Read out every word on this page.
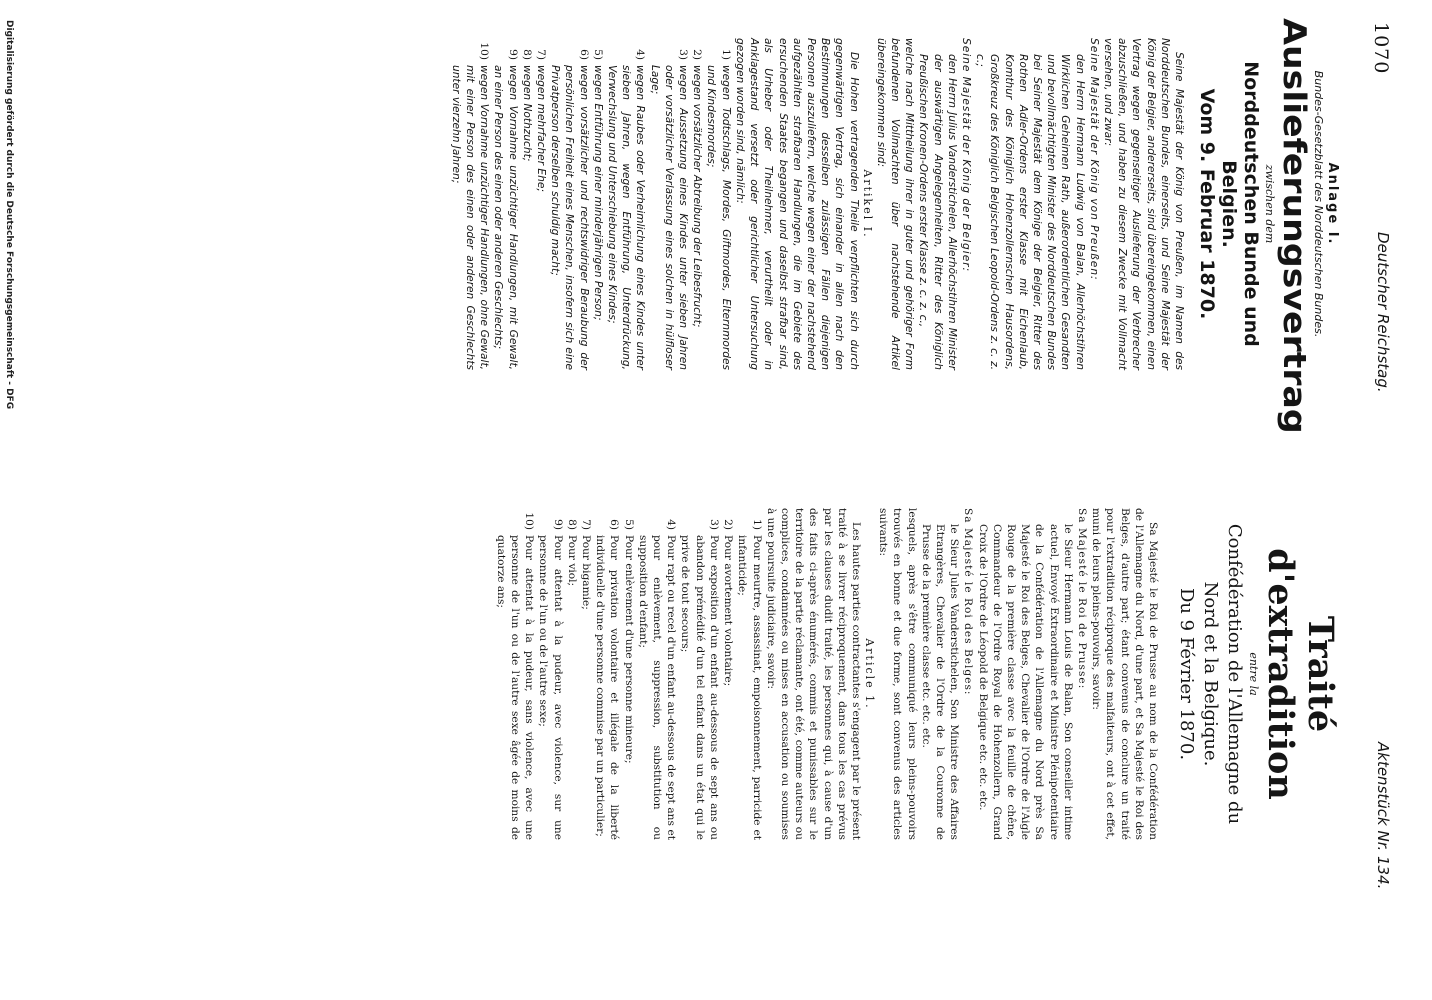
1070
Deutscher Reichstag.
Aktenstück Nr. 134.
Anlage I.
Bundes-Gesetzblatt des Norddeutschen Bundes.
Auslieferungsvertrag
zwischen dem
Norddeutschen Bunde und Belgien.
Vom 9. Februar 1870.
Seine Majestät der König von Preußen, im Namen des Norddeutschen Bundes, einerseits, und Seine Majestät der König der Belgier, andererseits, sind übereingekommen, einen Vertrag wegen gegenseitiger Auslieferung der Verbrecher abzuschließen, und haben zu diesem Zwecke mit Vollmacht versehen, und zwar:
Seine Majestät der König von Preußen:
den Herrn Hermann Ludwig von Balan, Allerhöchstihren Wirklichen Geheimen Rath, außerordentlichen Gesandten und bevollmächtigten Minister des Norddeutschen Bundes bei Seiner Majestät dem Könige der Belgier, Ritter des Rothen Adler-Ordens erster Klasse mit Eichenlaub, Komthur des Königlich Hohenzollernschen Hausordens, Großkreuz des Königlich Belgischen Leopold-Ordens z. c. z. c.;
Seine Majestät der König der Belgier:
den Herrn Julius Vanderstichelen, Allerhöchstihren Minister der auswärtigen Angelegenheiten, Ritter des Königlich Preußischen Kronen-Ordens erster Klasse z. c. z. c.,
welche nach Mittheilung ihrer in guter und gehöriger Form befundenen Vollmachten über nachstehende Artikel übereingekommen sind:
Artikel I.
Die Hohen vertragenden Theile verpflichten sich durch gegenwärtigen Vertrag, sich einander in allen nach den Bestimmungen desselben zulässigen Fällen diejenigen Personen auszuliefern, welche wegen einer der nachstehend aufgezählten strafbaren Handlungen, die im Gebiete des ersuchenden Staates begangen und daselbst strafbar sind, als Urheber oder Theilnehmer, verurtheilt oder in Anklagestand versetzt oder gerichtlicher Untersuchung gezogen worden sind, nämlich:
1)
wegen Todtschlags, Mordes, Giftmordes, Elternmordes und Kindesmordes;
2)
wegen vorsätzlicher Abtreibung der Leibesfrucht;
3)
wegen Aussetzung eines Kindes unter sieben Jahren oder vorsätzlicher Verlassung eines solchen in hülfloser Lage;
4)
wegen Raubes oder Verheimlichung eines Kindes unter sieben Jahren, wegen Entführung, Unterdrückung, Verwechslung und Unterschiebung eines Kindes;
5)
wegen Entführung einer minderjährigen Person;
6)
wegen vorsätzlicher und rechtswidriger Beraubung der persönlichen Freiheit eines Menschen, insofern sich eine Privatperson derselben schuldig macht;
7)
wegen mehrfacher Ehe;
8)
wegen Nothzucht;
9)
wegen Vornahme unzüchtiger Handlungen, mit Gewalt, an einer Person des einen oder anderen Geschlechts;
10)
wegen Vornahme unzüchtiger Handlungen, ohne Gewalt, mit einer Person des einen oder anderen Geschlechts unter vierzehn Jahren;
Traité d'extradition
entre la
Confédération de l'Allemagne du Nord et la Belgique.
Du 9 Février 1870.
Sa Majesté le Roi de Prusse au nom de la Confédération de l'Allemagne du Nord, d'une part, et Sa Majesté le Roi des Belges, d'autre part; étant convenus de conclure un traité pour l'extradition réciproque des malfaiteurs, ont à cet effet, muni de leurs pleins-pouvoirs, savoir:
Sa Majesté le Roi de Prusse:
le Sieur Hermann Louis de Balan, Son conseiller intime actuel, Envoyé Extraordinaire et Ministre Plénipotentiaire de la Confédération de l'Allemagne du Nord près Sa Majesté le Roi des Belges, Chevalier de l'Ordre de l'Aigle Rouge de la première classe avec la feuille de chêne, Commandeur de l'Ordre Royal de Hohenzollern, Grand Croix de l'Ordre de Léopold de Belgique etc. etc. etc.
Sa Majesté le Roi des Belges:
le Sieur Jules Vanderstichelen, Son Ministre des Affaires Etrangères, Chevalier de l'Ordre de la Couronne de Prusse de la première classe etc. etc. etc.
lesquels, après s'être communiqué leurs pleins-pouvoirs trouvés en bonne et due forme, sont convenus des articles suivants:
Article 1.
Les hautes parties contractantes s'engagent par le présent traité à se livrer réciproquement, dans tous les cas prévus par les clauses dudit traité, les personnes qui, à cause d'un des faits ci-après énumérés, commis et punissables sur le territoire de la partie réclamante, ont été, comme auteurs ou complices, condamnées ou mises en accusation ou soumises à une poursuite judiciaire, savoir:
1)
Pour meurtre, assassinat, empoisonnement, parricide et infanticide;
2)
Pour avortement volontaire;
3)
Pour exposition d'un enfant au-dessous de sept ans ou abandon prémédité d'un tel enfant dans un état qui le prive de tout secours;
4)
Pour rapt ou recel d'un enfant au-dessous de sept ans et pour enlèvement, suppression, substitution ou supposition d'enfant;
5)
Pour enlèvement d'une personne mineure;
6)
Pour privation volontaire et illégale de la liberté individuelle d'une personne commise par un particulier;
7)
Pour bigamie;
8)
Pour viol;
9)
Pour attentat à la pudeur, avec violence, sur une personne de l'un ou de l'autre sexe;
10)
Pour attentat à la pudeur, sans violence, avec une personne de l'un ou de l'autre sexe âgée de moins de quatorze ans;
Digitalisierung gefördert durch die Deutsche Forschungsgemeinschaft - DFG
